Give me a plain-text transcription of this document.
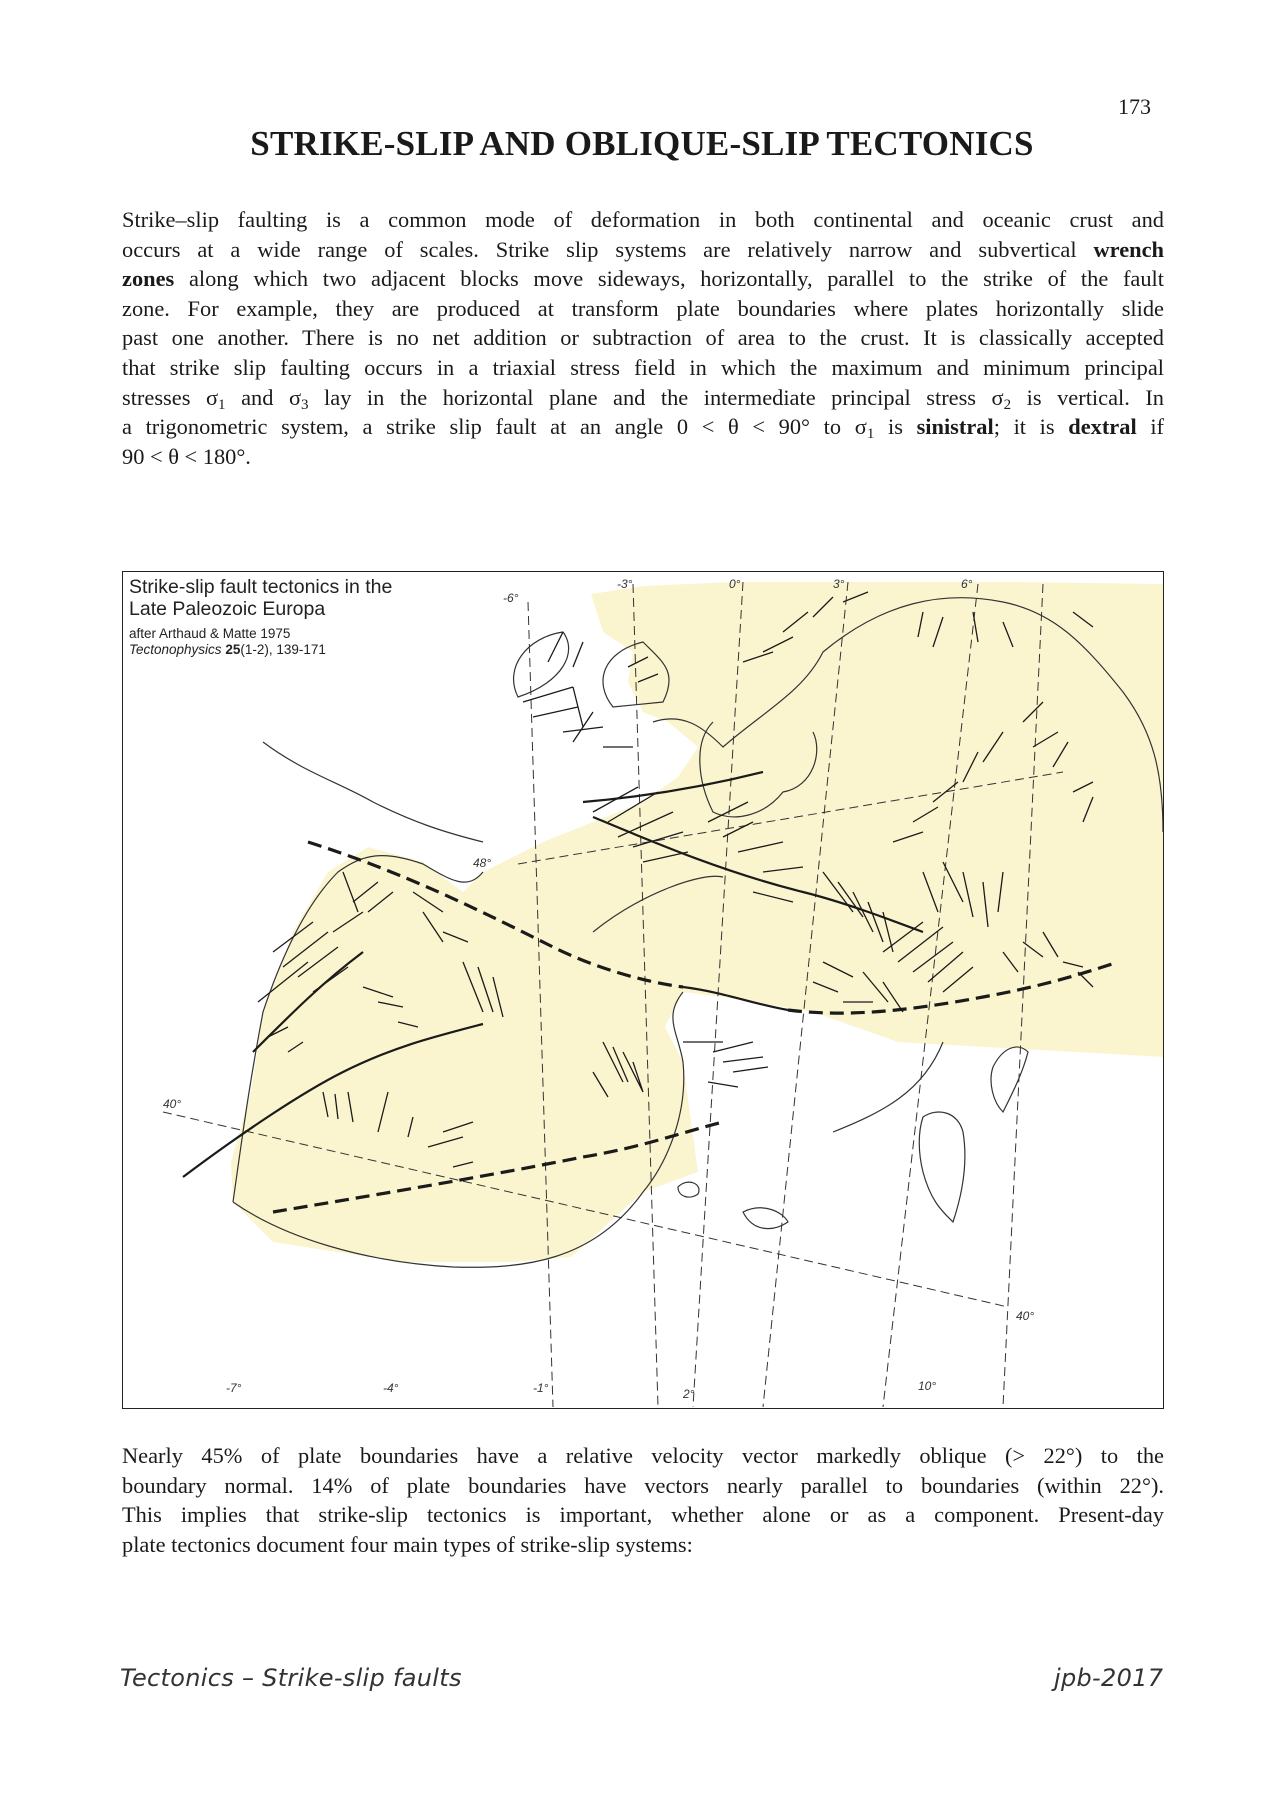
173
STRIKE-SLIP AND OBLIQUE-SLIP TECTONICS

Strike–slip faulting is a common mode of deformation in both continental and oceanic crust and
occurs at a wide range of scales. Strike slip systems are relatively narrow and subvertical wrench
zones along which two adjacent blocks move sideways, horizontally, parallel to the strike of the fault
zone. For example, they are produced at transform plate boundaries where plates horizontally slide
past one another. There is no net addition or subtraction of area to the crust. It is classically accepted
that strike slip faulting occurs in a triaxial stress field in which the maximum and minimum principal
stresses $\sigma_1$ and $\sigma_3$ lay in the horizontal plane and the intermediate principal stress $\sigma_2$ is vertical. In
a trigonometric system, a strike slip fault at an angle 0 < θ < 90° to $\sigma_1$ is sinistral; it is dextral if
90 < θ < 180°.

-6°
-3°	0°	3°	6°
48°
40°
40°
-7°	-4°	-1°	2°
10°
Strike-slip fault tectonics in the
Late Paleozoic Europa
after Arthaud & Matte 1975
Tectonophysics 25(1-2), 139-171

Nearly 45% of plate boundaries have a relative velocity vector markedly oblique (> 22°) to the
boundary normal. 14% of plate boundaries have vectors nearly parallel to boundaries (within 22°).
This implies that strike-slip tectonics is important, whether alone or as a component. Present-day
plate tectonics document four main types of strike-slip systems:

Tectonics – Strike-slip faults	jpb-2017
